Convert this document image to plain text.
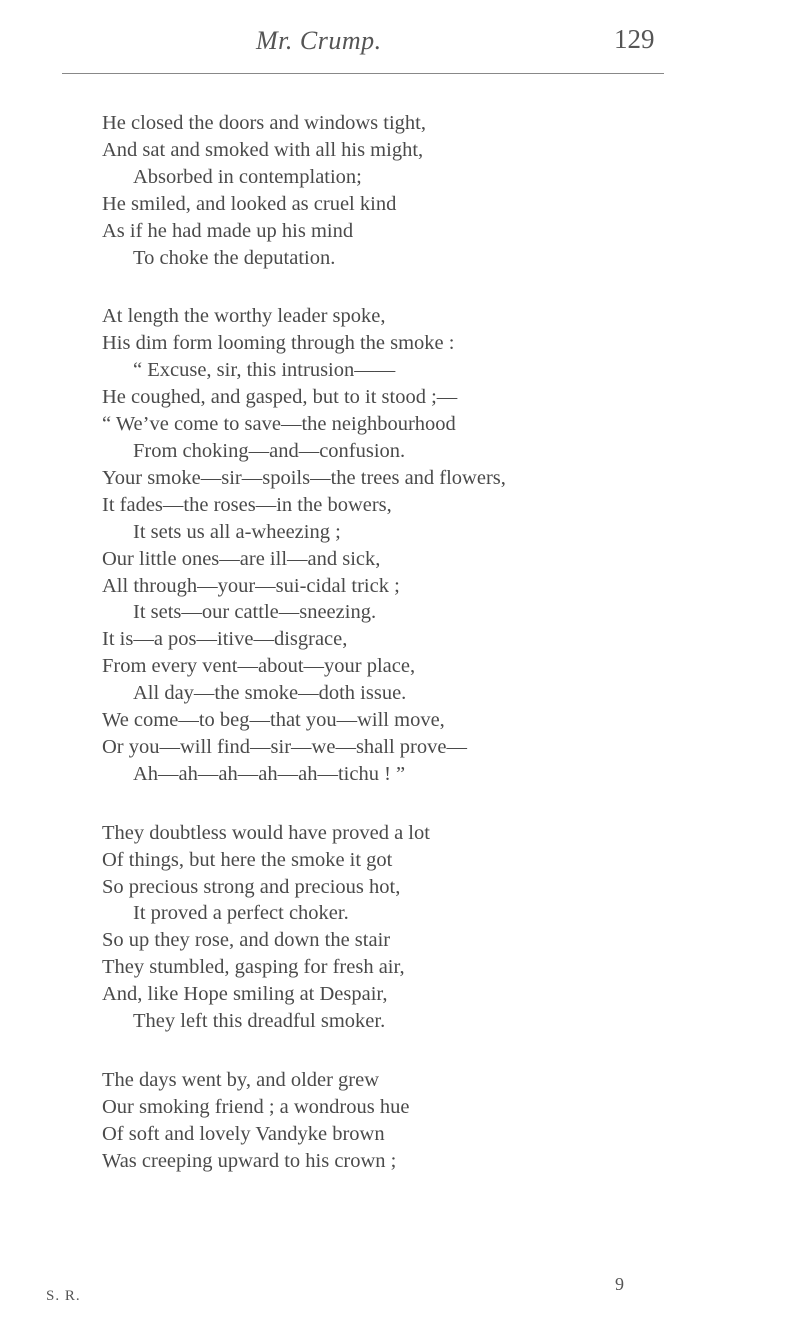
Mr. Crump.	129
He closed the doors and windows tight,
And sat and smoked with all his might,
Absorbed in contemplation;
He smiled, and looked as cruel kind
As if he had made up his mind
To choke the deputation.
At length the worthy leader spoke,
His dim form looming through the smoke :
“ Excuse, sir, this intrusion——
He coughed, and gasped, but to it stood ;—
“ We’ve come to save—the neighbourhood
From choking—and—confusion.
Your smoke—sir—spoils—the trees and flowers,
It fades—the roses—in the bowers,
It sets us all a-wheezing ;
Our little ones—are ill—and sick,
All through—your—sui-cidal trick ;
It sets—our cattle—sneezing.
It is—a pos—itive—disgrace,
From every vent—about—your place,
All day—the smoke—doth issue.
We come—to beg—that you—will move,
Or you—will find—sir—we—shall prove—
Ah—ah—ah—ah—ah—tichu ! ”
They doubtless would have proved a lot
Of things, but here the smoke it got
So precious strong and precious hot,
It proved a perfect choker.
So up they rose, and down the stair
They stumbled, gasping for fresh air,
And, like Hope smiling at Despair,
They left this dreadful smoker.
The days went by, and older grew
Our smoking friend ; a wondrous hue
Of soft and lovely Vandyke brown
Was creeping upward to his crown ;
S. R.
9
